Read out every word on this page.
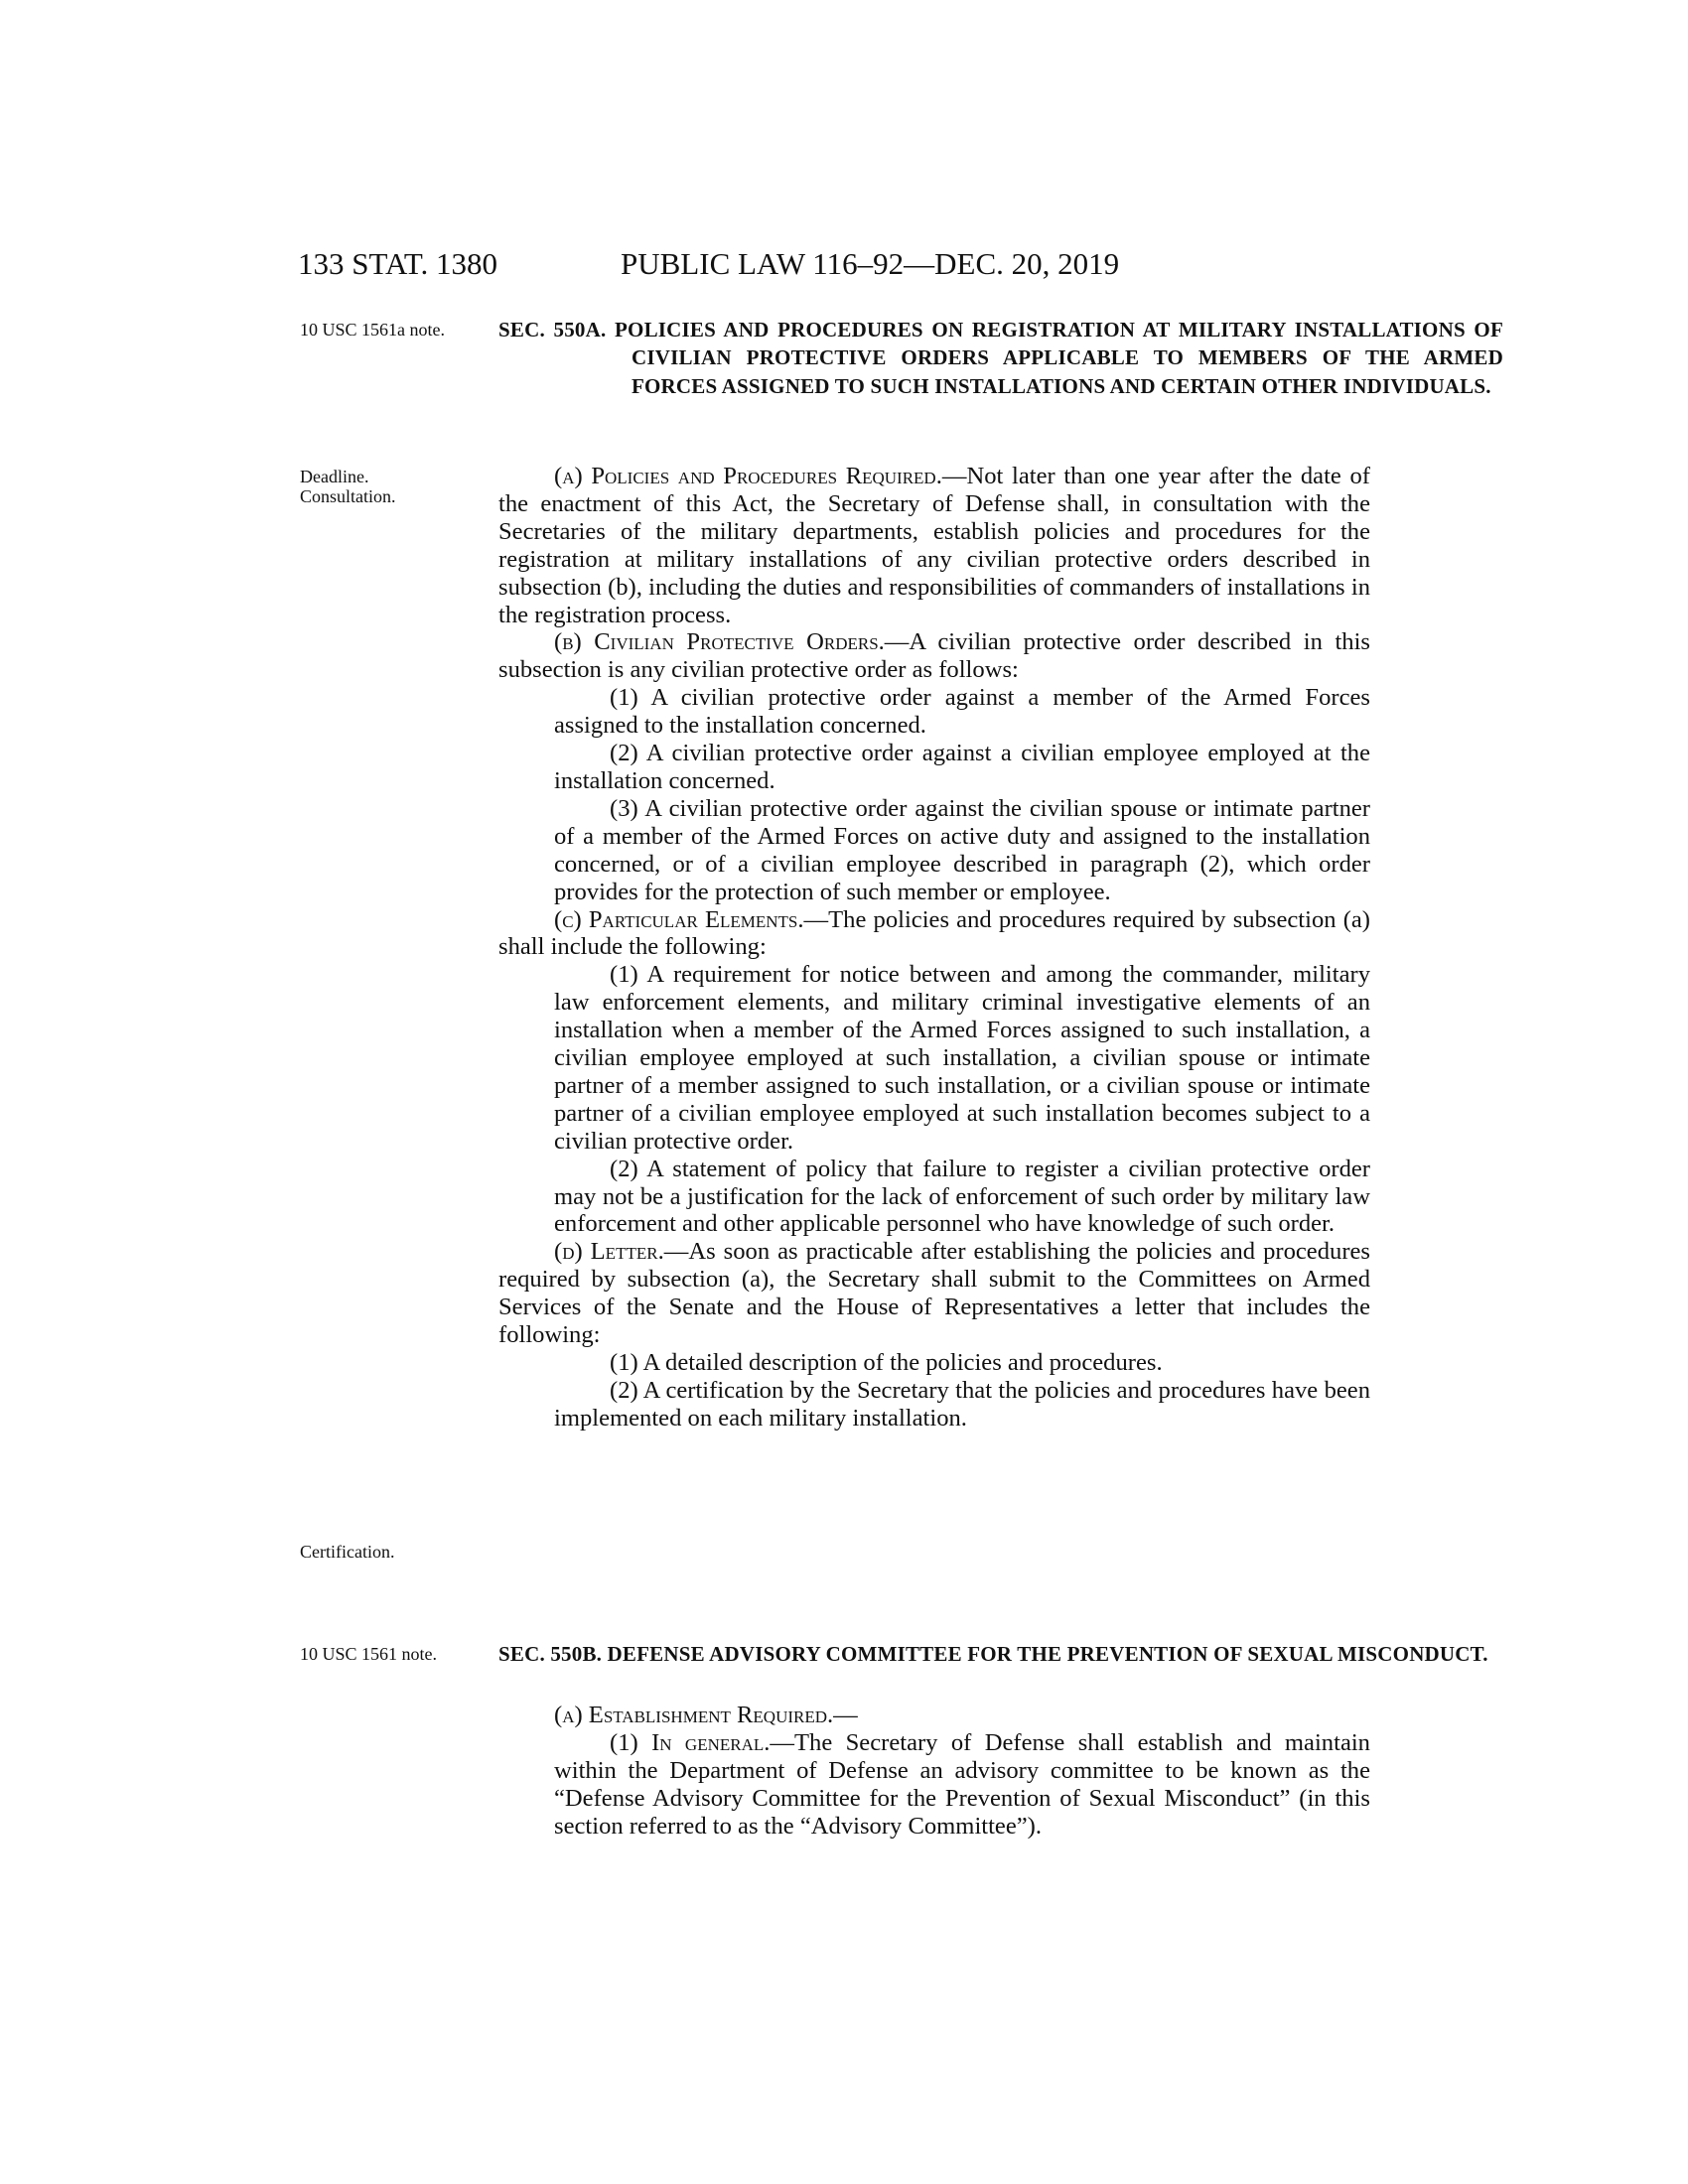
133 STAT. 1380	PUBLIC LAW 116–92—DEC. 20, 2019
10 USC 1561a note.
Deadline. Consultation.
Certification.
10 USC 1561 note.
SEC. 550A. POLICIES AND PROCEDURES ON REGISTRATION AT MILITARY INSTALLATIONS OF CIVILIAN PROTECTIVE ORDERS APPLICABLE TO MEMBERS OF THE ARMED FORCES ASSIGNED TO SUCH INSTALLATIONS AND CERTAIN OTHER INDIVIDUALS.

(a) Policies and Procedures Required.—Not later than one year after the date of the enactment of this Act, the Secretary of Defense shall, in consultation with the Secretaries of the military departments, establish policies and procedures for the registration at military installations of any civilian protective orders described in subsection (b), including the duties and responsibilities of commanders of installations in the registration process.

(b) Civilian Protective Orders.—A civilian protective order described in this subsection is any civilian protective order as follows:

(1) A civilian protective order against a member of the Armed Forces assigned to the installation concerned.

(2) A civilian protective order against a civilian employee employed at the installation concerned.

(3) A civilian protective order against the civilian spouse or intimate partner of a member of the Armed Forces on active duty and assigned to the installation concerned, or of a civilian employee described in paragraph (2), which order provides for the protection of such member or employee.

(c) Particular Elements.—The policies and procedures required by subsection (a) shall include the following:

(1) A requirement for notice between and among the commander, military law enforcement elements, and military criminal investigative elements of an installation when a member of the Armed Forces assigned to such installation, a civilian employee employed at such installation, a civilian spouse or intimate partner of a member assigned to such installation, or a civilian spouse or intimate partner of a civilian employee employed at such installation becomes subject to a civilian protective order.

(2) A statement of policy that failure to register a civilian protective order may not be a justification for the lack of enforcement of such order by military law enforcement and other applicable personnel who have knowledge of such order.

(d) Letter.—As soon as practicable after establishing the policies and procedures required by subsection (a), the Secretary shall submit to the Committees on Armed Services of the Senate and the House of Representatives a letter that includes the following:

(1) A detailed description of the policies and procedures.

(2) A certification by the Secretary that the policies and procedures have been implemented on each military installation.

SEC. 550B. DEFENSE ADVISORY COMMITTEE FOR THE PREVENTION OF SEXUAL MISCONDUCT.

(a) Establishment Required.—

(1) In general.—The Secretary of Defense shall establish and maintain within the Department of Defense an advisory committee to be known as the “Defense Advisory Committee for the Prevention of Sexual Misconduct” (in this section referred to as the “Advisory Committee”).
